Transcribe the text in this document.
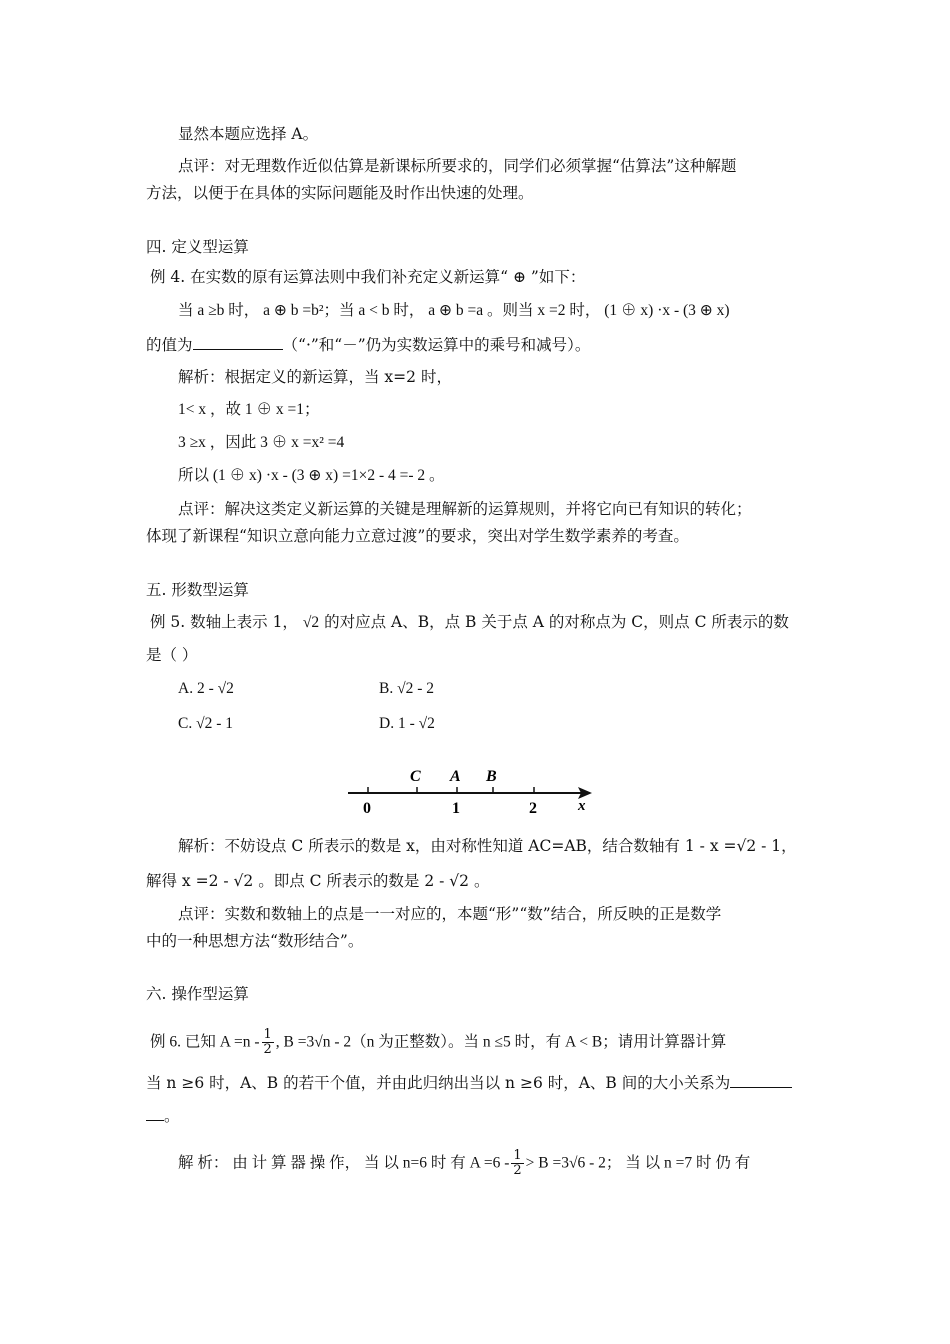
显然本题应选择 A。
点评：对无理数作近似估算是新课标所要求的，同学们必须掌握“估算法”这种解题
方法，以便于在具体的实际问题能及时作出快速的处理。
四. 定义型运算
例 4. 在实数的原有运算法则中我们补充定义新运算“ ⊕ ”如下：
当 a ≥b 时， a ⊕ b =b²；当 a < b 时， a ⊕ b =a 。则当 x =2 时， (1 ⊕ x) ·x - (3 ⊕ x)
的值为	（“·”和“－”仍为实数运算中的乘号和减号）。
解析：根据定义的新运算，当 x=2 时，
1< x ，故 1 ⊕ x =1；
3 ≥x ，因此 3 ⊕ x =x² =4
所以 (1 ⊕ x) ·x - (3 ⊕ x) =1×2 - 4 =- 2 。
点评：解决这类定义新运算的关键是理解新的运算规则，并将它向已有知识的转化；
体现了新课程“知识立意向能力立意过渡”的要求，突出对学生数学素养的考查。
五. 形数型运算
例 5. 数轴上表示 1， √2 的对应点 A、B，点 B 关于点 A 的对称点为 C，则点 C 所表示的数
是（ ）
A. 2 - √2	B. √2 - 2
C. √2 - 1	D. 1 - √2
C A B
0	1	2	x
解析：不妨设点 C 所表示的数是 x，由对称性知道 AC=AB，结合数轴有 1 - x =√2 - 1，
解得 x =2 - √2 。即点 C 所表示的数是 2 - √2 。
点评：实数和数轴上的点是一一对应的，本题“形”“数”结合，所反映的正是数学
中的一种思想方法“数形结合”。
六. 操作型运算
例 6. 已知 $A =n - \frac{1}{2}$ , B =3√n - 2（n 为正整数）。当 n ≤5 时，有 A < B；请用计算器计算
当 n ≥6 时，A、B 的若干个值，并由此归纳出当以 n ≥6 时，A、B 间的大小关系为
。
解 析： 由 计 算 器 操 作， 当 以 n=6 时 有 $A =6 - \frac{1}{2} > B =3√6 - 2$； 当 以 n =7 时 仍 有
